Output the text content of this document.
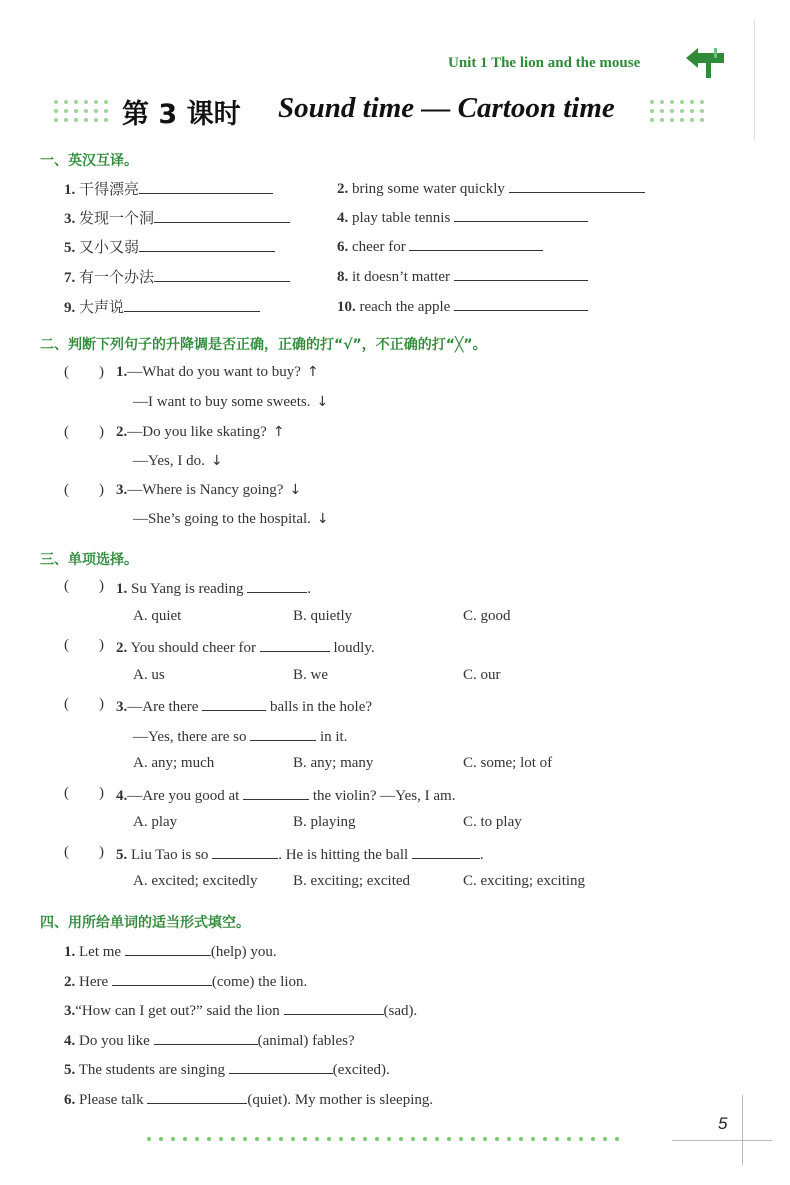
Unit 1 The lion and the mouse
第 3 课时 Sound time — Cartoon time
一、英汉互译。
1. 干得漂亮	2. bring some water quickly
3. 发现一个洞	4. play table tennis
5. 又小又弱	6. cheer for
7. 有一个办法	8. it doesn’t matter
9. 大声说	10. reach the apple
二、判断下列句子的升降调是否正确，正确的打“√”，不正确的打“╳”。
(        ) 1.—What do you want to buy? ↑
—I want to buy some sweets. ↓
(        ) 2.—Do you like skating? ↑
—Yes, I do. ↓
(        ) 3.—Where is Nancy going? ↓
—She’s going to the hospital. ↓
三、单项选择。
(        ) 1. Su Yang is reading	.
A. quiet	B. quietly	C. good
(        ) 2. You should cheer for	loudly.
A. us	B. we	C. our
(        ) 3.—Are there	balls in the hole?
—Yes, there are so	in it.
A. any; much	B. any; many	C. some; lot of
(        ) 4.—Are you good at	the violin? —Yes, I am.
A. play	B. playing	C. to play
(        ) 5. Liu Tao is so	. He is hitting the ball	.
A. excited; excitedly B. exciting; excited	C. exciting; exciting
四、用所给单词的适当形式填空。
1. Let me	(help) you.
2. Here	(come) the lion.
3.“How can I get out?” said the lion	(sad).
4. Do you like	(animal) fables?
5. The students are singing	(excited).
6. Please talk	(quiet). My mother is sleeping.
5
